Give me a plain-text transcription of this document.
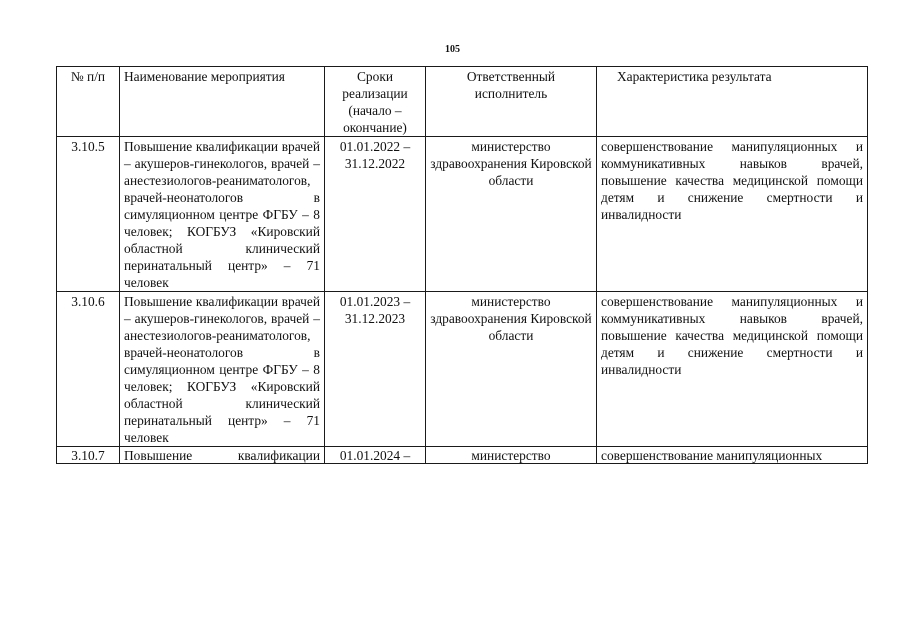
105
№ п/п	Наименование мероприятия	Сроки реализации (начало – окончание)	Ответственный исполнитель	Характеристика результата
3.10.5	Повышение квалификации врачей – акушеров-гинекологов, врачей – анестезиологов-реаниматологов, врачей-неонатологов в симуляционном центре ФГБУ – 8 человек; КОГБУЗ «Кировский областной клинический перинатальный центр» – 71 человек	01.01.2022 – 31.12.2022	министерство здравоохранения Кировской области	совершенствование манипуляционных и коммуникативных навыков врачей, повышение качества медицинской помощи детям и снижение смертности и инвалидности
3.10.6	Повышение квалификации врачей – акушеров-гинекологов, врачей – анестезиологов-реаниматологов, врачей-неонатологов в симуляционном центре ФГБУ – 8 человек; КОГБУЗ «Кировский областной клинический перинатальный центр» – 71 человек	01.01.2023 – 31.12.2023	министерство здравоохранения Кировской области	совершенствование манипуляционных и коммуникативных навыков врачей, повышение качества медицинской помощи детям и снижение смертности и инвалидности
3.10.7	Повышение квалификации	01.01.2024 –	министерство	совершенствование манипуляционных
